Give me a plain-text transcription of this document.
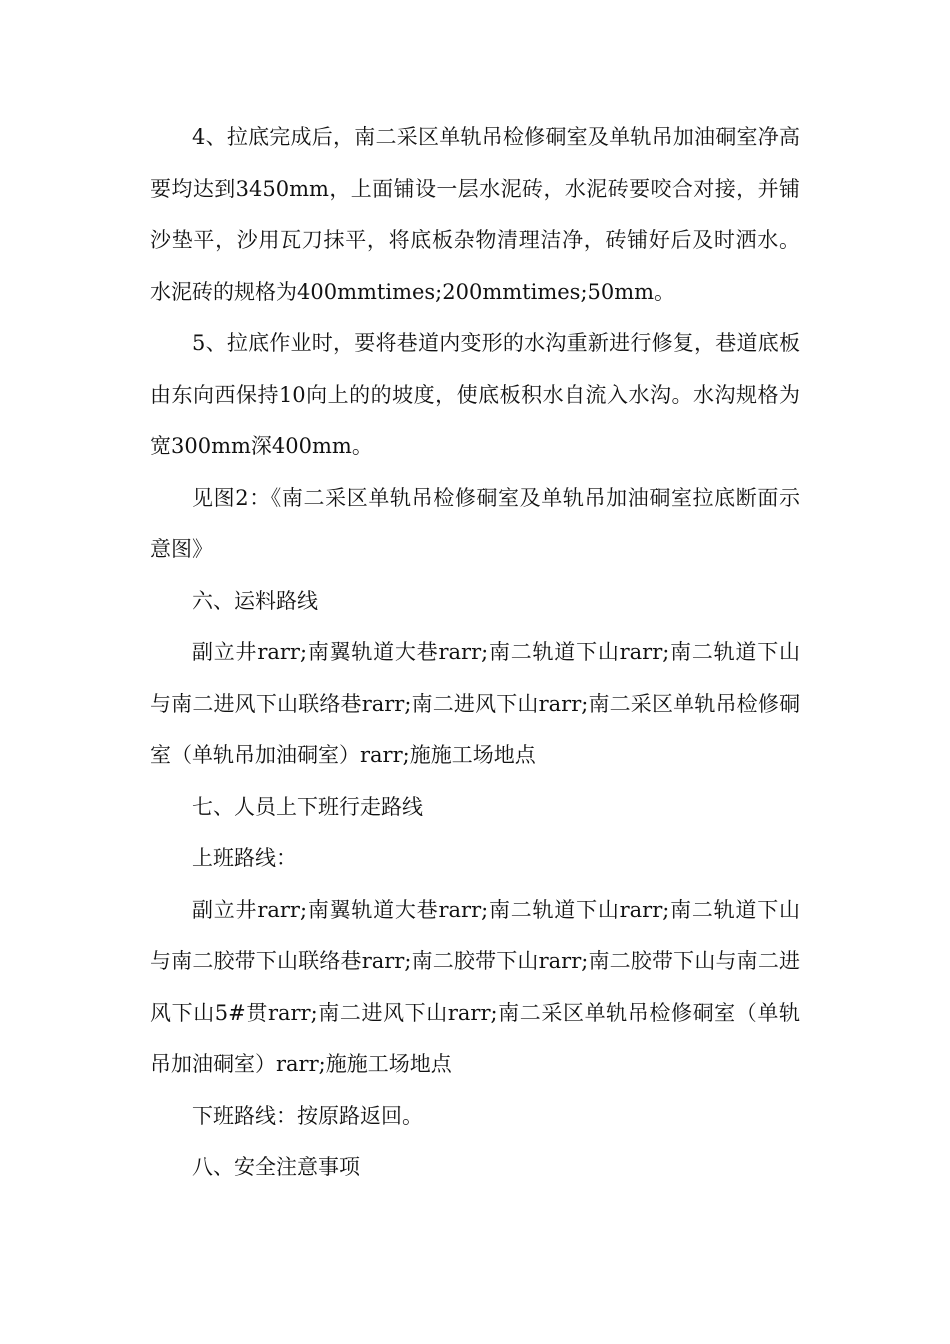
4、拉底完成后，南二采区单轨吊检修硐室及单轨吊加油硐室净高要均达到3450mm，上面铺设一层水泥砖，水泥砖要咬合对接，并铺沙垫平，沙用瓦刀抹平，将底板杂物清理洁净，砖铺好后及时洒水。水泥砖的规格为400mmtimes;200mmtimes;50mm。

5、拉底作业时，要将巷道内变形的水沟重新进行修复，巷道底板由东向西保持10向上的的坡度，使底板积水自流入水沟。水沟规格为宽300mm深400mm。

见图2：《南二采区单轨吊检修硐室及单轨吊加油硐室拉底断面示意图》

六、运料路线

副立井rarr;南翼轨道大巷rarr;南二轨道下山rarr;南二轨道下山与南二进风下山联络巷rarr;南二进风下山rarr;南二采区单轨吊检修硐室（单轨吊加油硐室）rarr;施施工场地点

七、人员上下班行走路线

上班路线：

副立井rarr;南翼轨道大巷rarr;南二轨道下山rarr;南二轨道下山与南二胶带下山联络巷rarr;南二胶带下山rarr;南二胶带下山与南二进风下山5#贯rarr;南二进风下山rarr;南二采区单轨吊检修硐室（单轨吊加油硐室）rarr;施施工场地点

下班路线：按原路返回。

八、安全注意事项
